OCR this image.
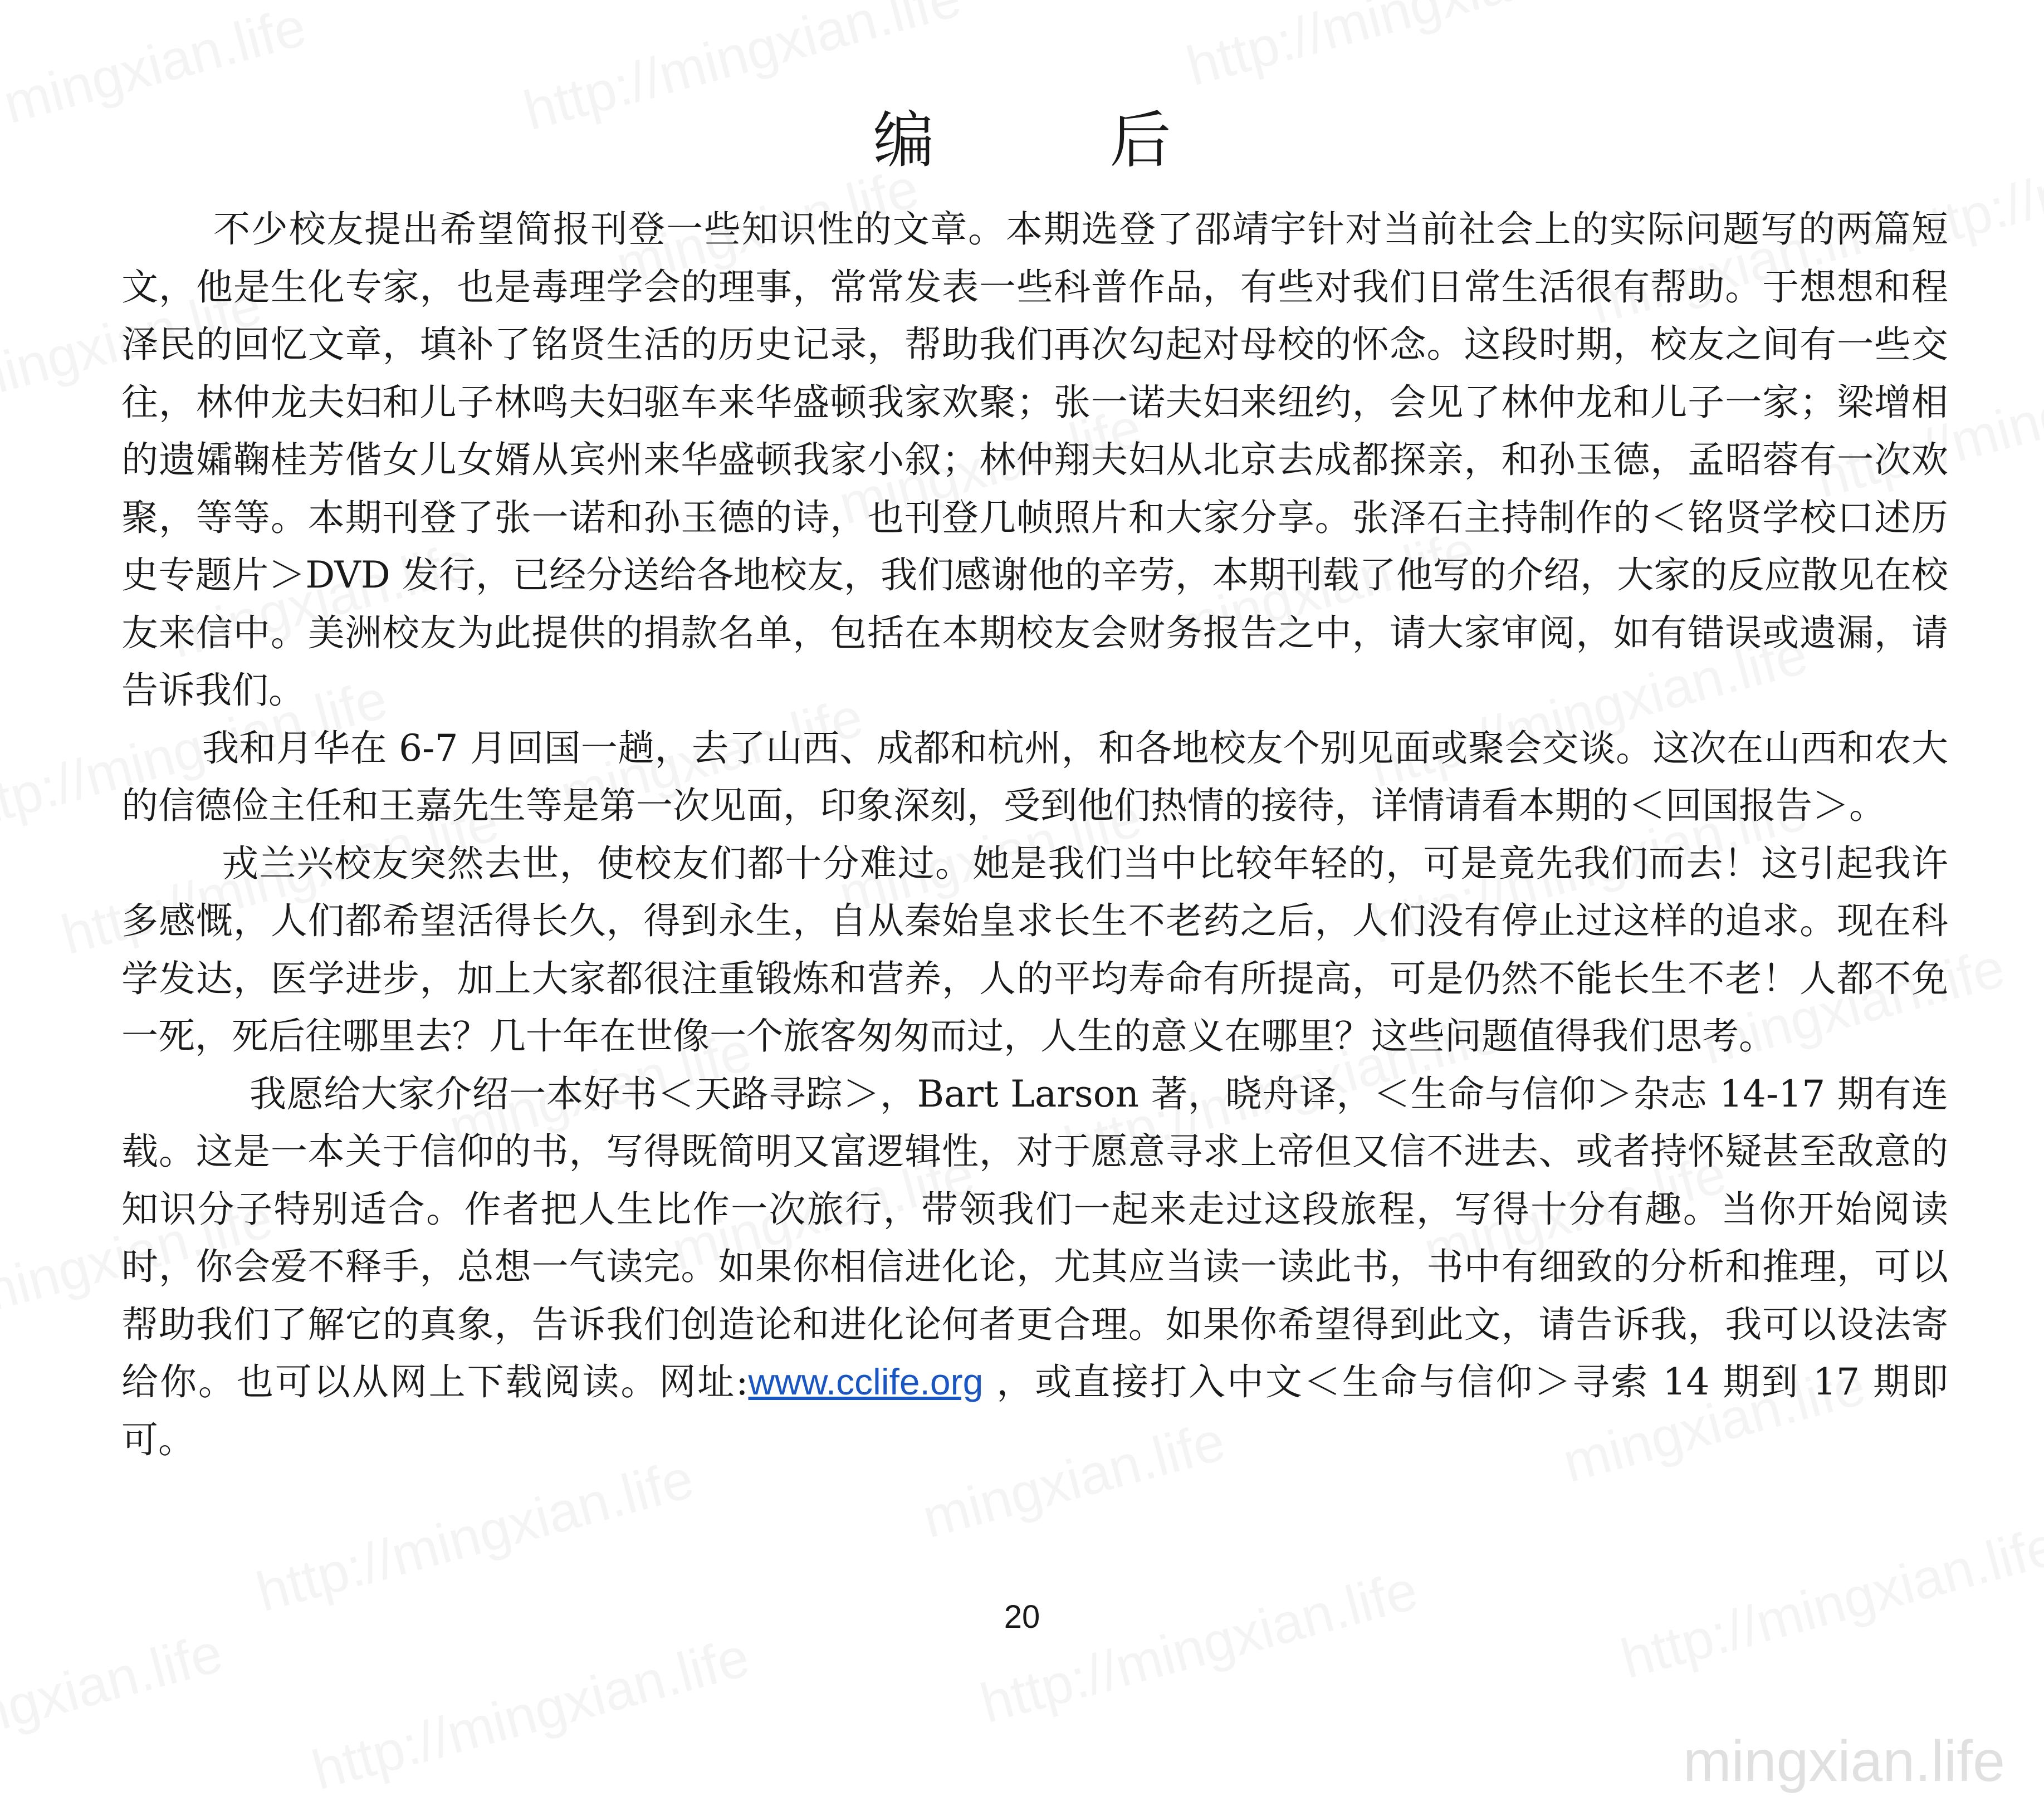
编 后

不少校友提出希望简报刊登一些知识性的文章。本期选登了邵靖宇针对当前社会上的实际问题写的两篇短文，他是生化专家，也是毒理学会的理事，常常发表一些科普作品，有些对我们日常生活很有帮助。于想想和程泽民的回忆文章，填补了铭贤生活的历史记录，帮助我们再次勾起对母校的怀念。这段时期，校友之间有一些交往，林仲龙夫妇和儿子林鸣夫妇驱车来华盛顿我家欢聚；张一诺夫妇来纽约，会见了林仲龙和儿子一家；梁增相的遗孀鞠桂芳偕女儿女婿从宾州来华盛顿我家小叙；林仲翔夫妇从北京去成都探亲，和孙玉德，孟昭蓉有一次欢聚，等等。本期刊登了张一诺和孙玉德的诗，也刊登几帧照片和大家分享。张泽石主持制作的＜铭贤学校口述历史专题片＞DVD 发行，已经分送给各地校友，我们感谢他的辛劳，本期刊载了他写的介绍，大家的反应散见在校友来信中。美洲校友为此提供的捐款名单，包括在本期校友会财务报告之中，请大家审阅，如有错误或遗漏，请告诉我们。

我和月华在 6-7 月回国一趟，去了山西、成都和杭州，和各地校友个别见面或聚会交谈。这次在山西和农大的信德俭主任和王嘉先生等是第一次见面，印象深刻，受到他们热情的接待，详情请看本期的＜回国报告＞。

戎兰兴校友突然去世，使校友们都十分难过。她是我们当中比较年轻的，可是竟先我们而去！这引起我许多感慨，人们都希望活得长久，得到永生，自从秦始皇求长生不老药之后，人们没有停止过这样的追求。现在科学发达，医学进步，加上大家都很注重锻炼和营养，人的平均寿命有所提高，可是仍然不能长生不老！人都不免一死，死后往哪里去？几十年在世像一个旅客匆匆而过，人生的意义在哪里？这些问题值得我们思考。

我愿给大家介绍一本好书＜天路寻踪＞，Bart Larson 著，晓舟译，＜生命与信仰＞杂志 14-17 期有连载。这是一本关于信仰的书，写得既简明又富逻辑性，对于愿意寻求上帝但又信不进去、或者持怀疑甚至敌意的知识分子特别适合。作者把人生比作一次旅行，带领我们一起来走过这段旅程，写得十分有趣。当你开始阅读时，你会爱不释手，总想一气读完。如果你相信进化论，尤其应当读一读此书，书中有细致的分析和推理，可以帮助我们了解它的真象，告诉我们创造论和进化论何者更合理。如果你希望得到此文，请告诉我，我可以设法寄给你。也可以从网上下载阅读。网址:www.cclife.org ，或直接打入中文＜生命与信仰＞寻索 14 期到 17 期即可。

20
mingxian.life
